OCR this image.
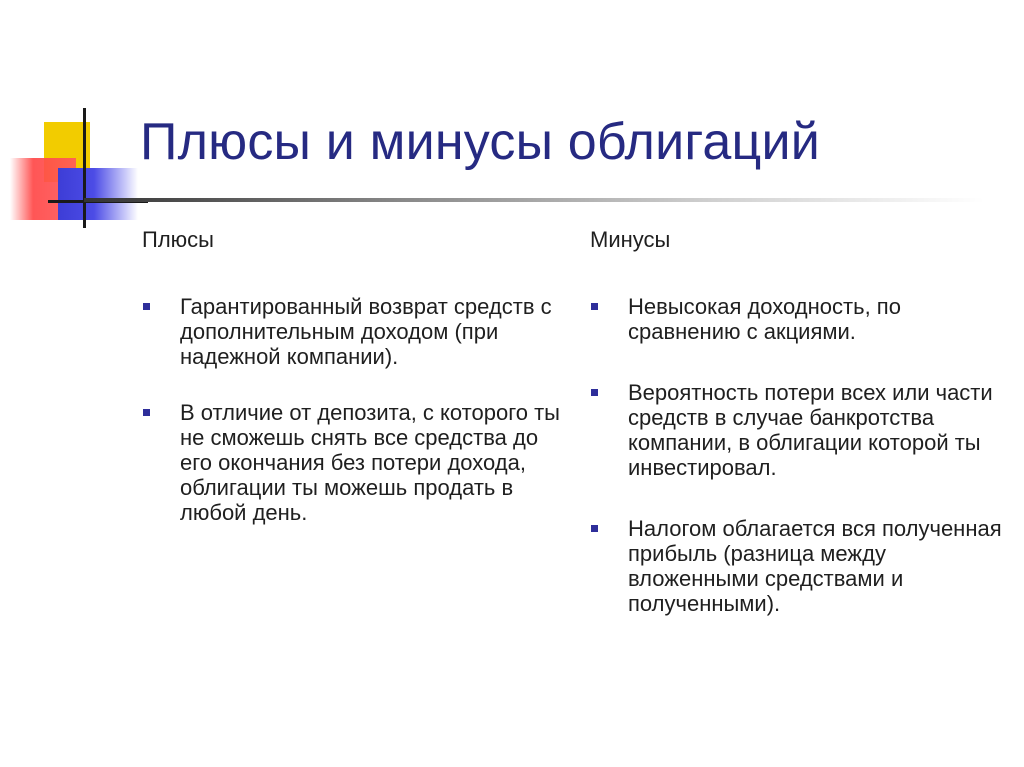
Плюсы и минусы облигаций
Плюсы
Гарантированный возврат средств с дополнительным доходом (при надежной компании).
В отличие от депозита, с которого ты не сможешь снять все средства до его окончания без потери дохода, облигации ты можешь продать в любой день.
Минусы
Невысокая доходность, по сравнению с акциями.
Вероятность потери всех или части средств в случае банкротства компании, в облигации которой ты инвестировал.
Налогом облагается вся полученная прибыль (разница между вложенными средствами и полученными).
